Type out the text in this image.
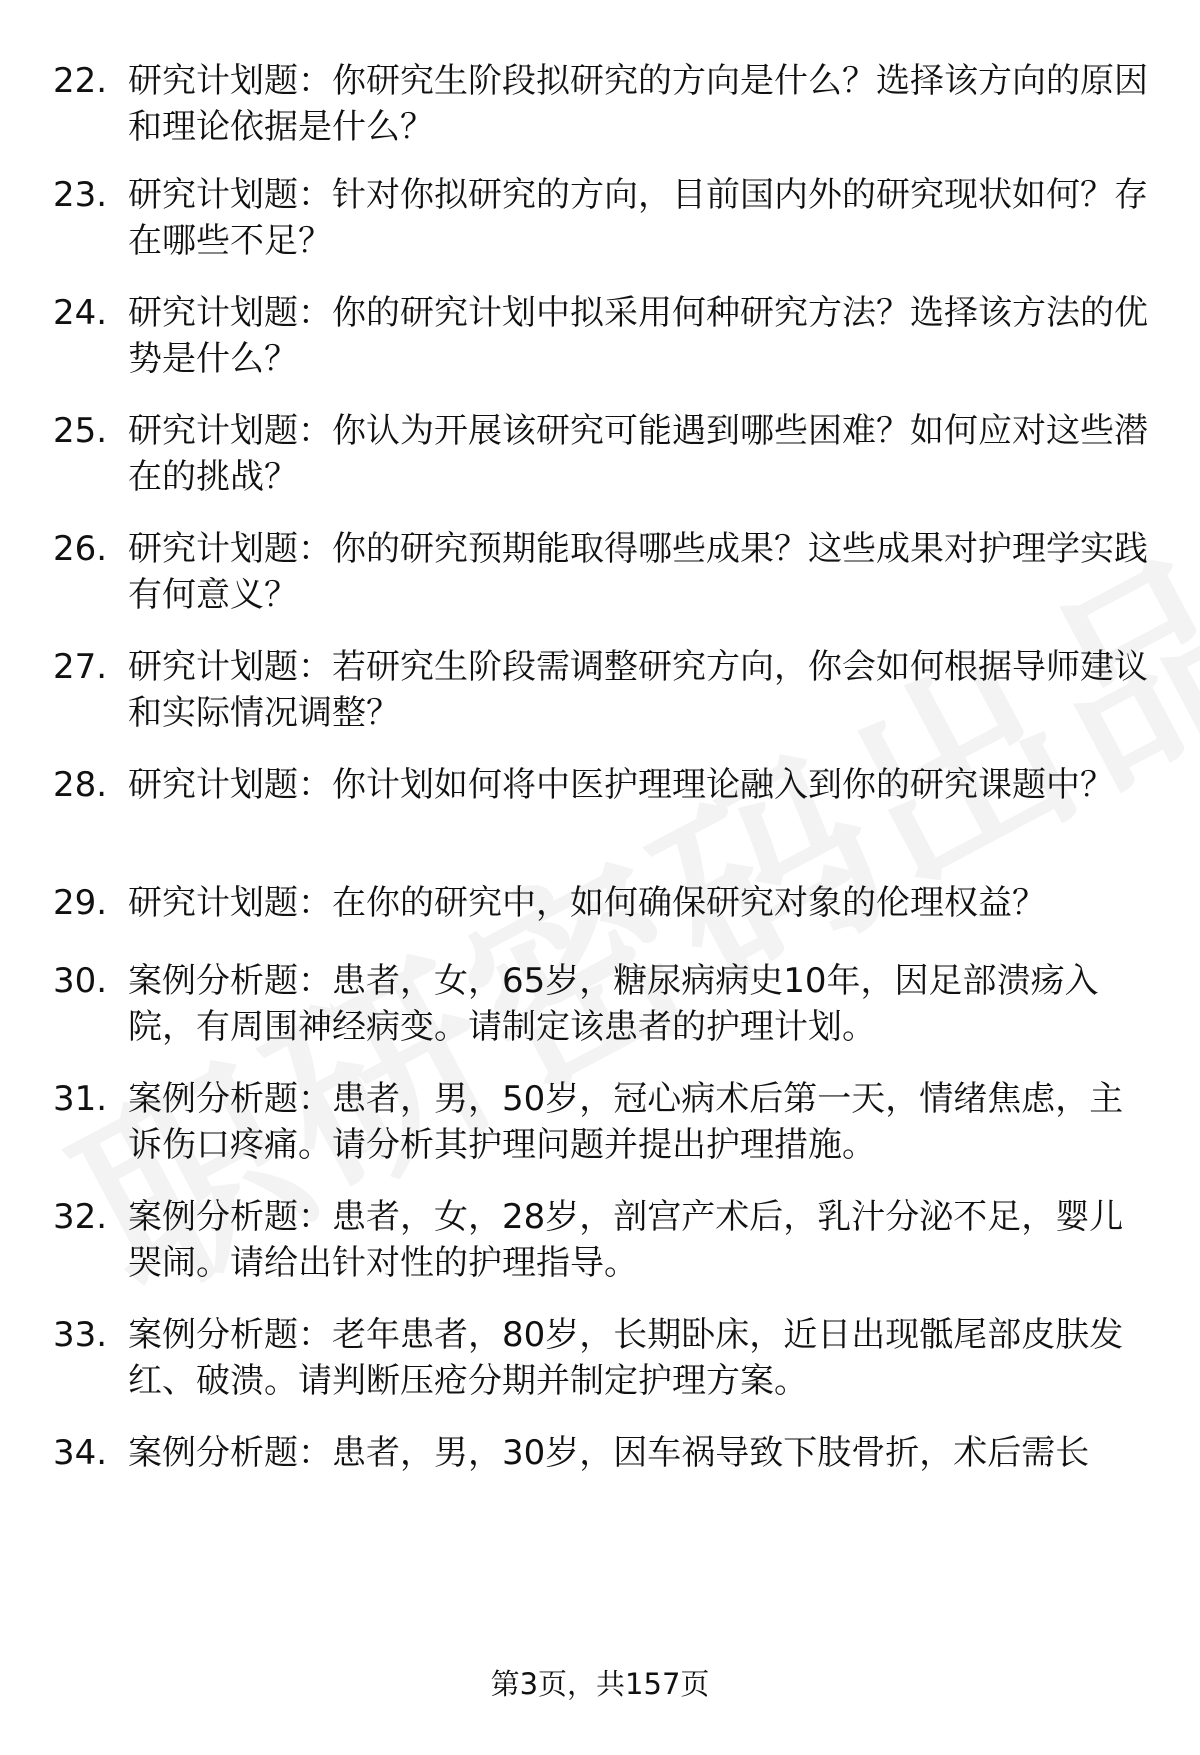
22. 研究计划题：你研究生阶段拟研究的方向是什么？选择该方向的原因和理论依据是什么？
23. 研究计划题：针对你拟研究的方向，目前国内外的研究现状如何？存在哪些不足？
24. 研究计划题：你的研究计划中拟采用何种研究方法？选择该方法的优势是什么？
25. 研究计划题：你认为开展该研究可能遇到哪些困难？如何应对这些潜在的挑战？
26. 研究计划题：你的研究预期能取得哪些成果？这些成果对护理学实践有何意义？
27. 研究计划题：若研究生阶段需调整研究方向，你会如何根据导师建议和实际情况调整？
28. 研究计划题：你计划如何将中医护理理论融入到你的研究课题中？
29. 研究计划题：在你的研究中，如何确保研究对象的伦理权益？
30. 案例分析题：患者，女，65岁，糖尿病病史10年，因足部溃疡入院，有周围神经病变。请制定该患者的护理计划。
31. 案例分析题：患者，男，50岁，冠心病术后第一天，情绪焦虑，主诉伤口疼痛。请分析其护理问题并提出护理措施。
32. 案例分析题：患者，女，28岁，剖宫产术后，乳汁分泌不足，婴儿哭闹。请给出针对性的护理指导。
33. 案例分析题：老年患者，80岁，长期卧床，近日出现骶尾部皮肤发红、破溃。请判断压疮分期并制定护理方案。
34. 案例分析题：患者，男，30岁，因车祸导致下肢骨折，术后需长
第3页，共157页
